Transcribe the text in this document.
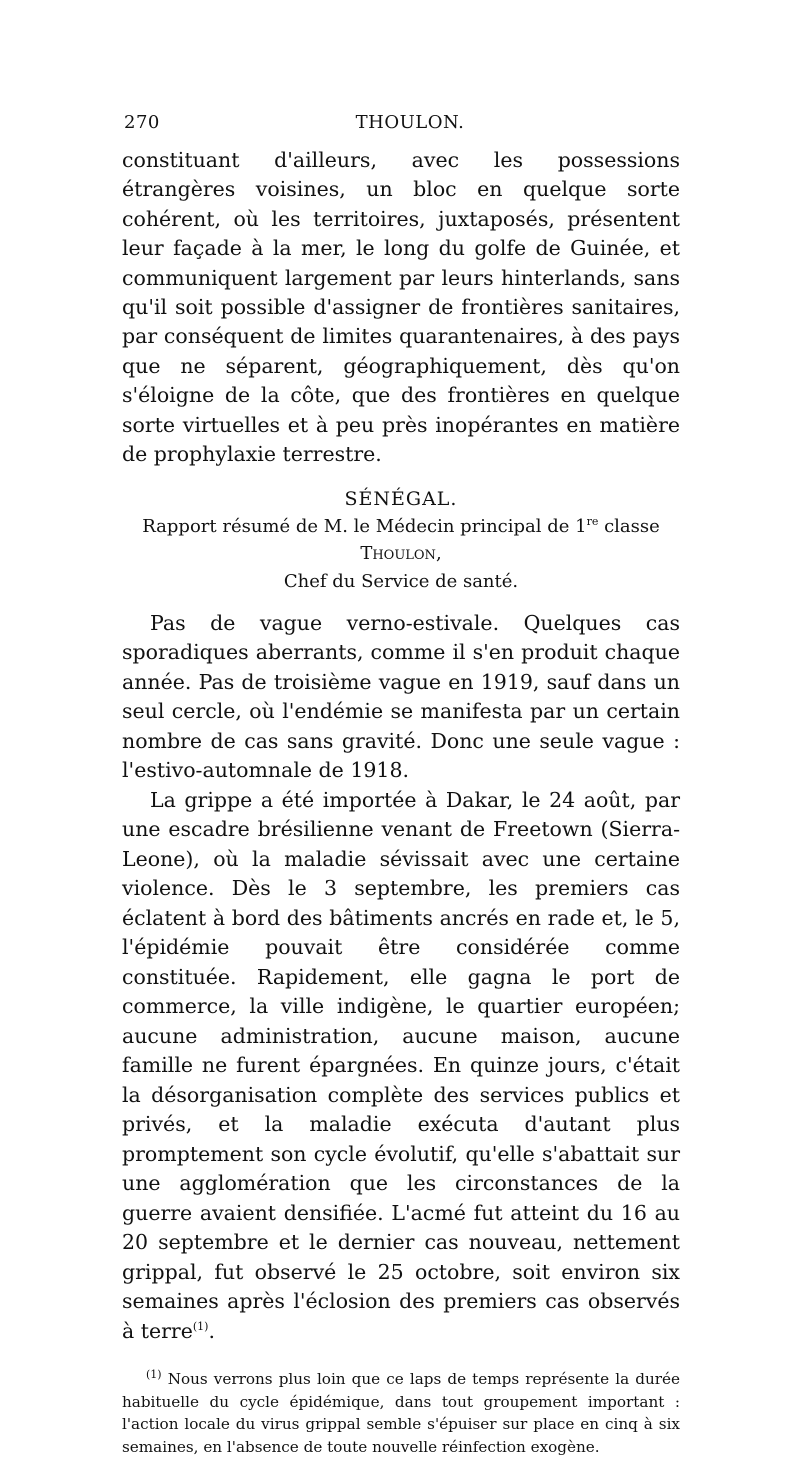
270	THOULON.

constituant d'ailleurs, avec les possessions étrangères voisines, un bloc en quelque sorte cohérent, où les territoires, juxtaposés, présentent leur façade à la mer, le long du golfe de Guinée, et communiquent largement par leurs hinterlands, sans qu'il soit possible d'assigner de frontières sanitaires, par conséquent de limites quarantenaires, à des pays que ne séparent, géographiquement, dès qu'on s'éloigne de la côte, que des frontières en quelque sorte virtuelles et à peu près inopérantes en matière de prophylaxie terrestre.

SÉNÉGAL.
Rapport résumé de M. le Médecin principal de 1re classe Thoulon,
Chef du Service de santé.

Pas de vague verno-estivale. Quelques cas sporadiques aberrants, comme il s'en produit chaque année. Pas de troisième vague en 1919, sauf dans un seul cercle, où l'endémie se manifesta par un certain nombre de cas sans gravité. Donc une seule vague : l'estivo-automnale de 1918.

La grippe a été importée à Dakar, le 24 août, par une escadre brésilienne venant de Freetown (Sierra-Leone), où la maladie sévissait avec une certaine violence. Dès le 3 septembre, les premiers cas éclatent à bord des bâtiments ancrés en rade et, le 5, l'épidémie pouvait être considérée comme constituée. Rapidement, elle gagna le port de commerce, la ville indigène, le quartier européen; aucune administration, aucune maison, aucune famille ne furent épargnées. En quinze jours, c'était la désorganisation complète des services publics et privés, et la maladie exécuta d'autant plus promptement son cycle évolutif, qu'elle s'abattait sur une agglomération que les circonstances de la guerre avaient densifiée. L'acmé fut atteint du 16 au 20 septembre et le dernier cas nouveau, nettement grippal, fut observé le 25 octobre, soit environ six semaines après l'éclosion des premiers cas observés à terre$^{(1)}$.

$^{(1)}$ Nous verrons plus loin que ce laps de temps représente la durée habituelle du cycle épidémique, dans tout groupement important : l'action locale du virus grippal semble s'épuiser sur place en cinq à six semaines, en l'absence de toute nouvelle réinfection exogène.
